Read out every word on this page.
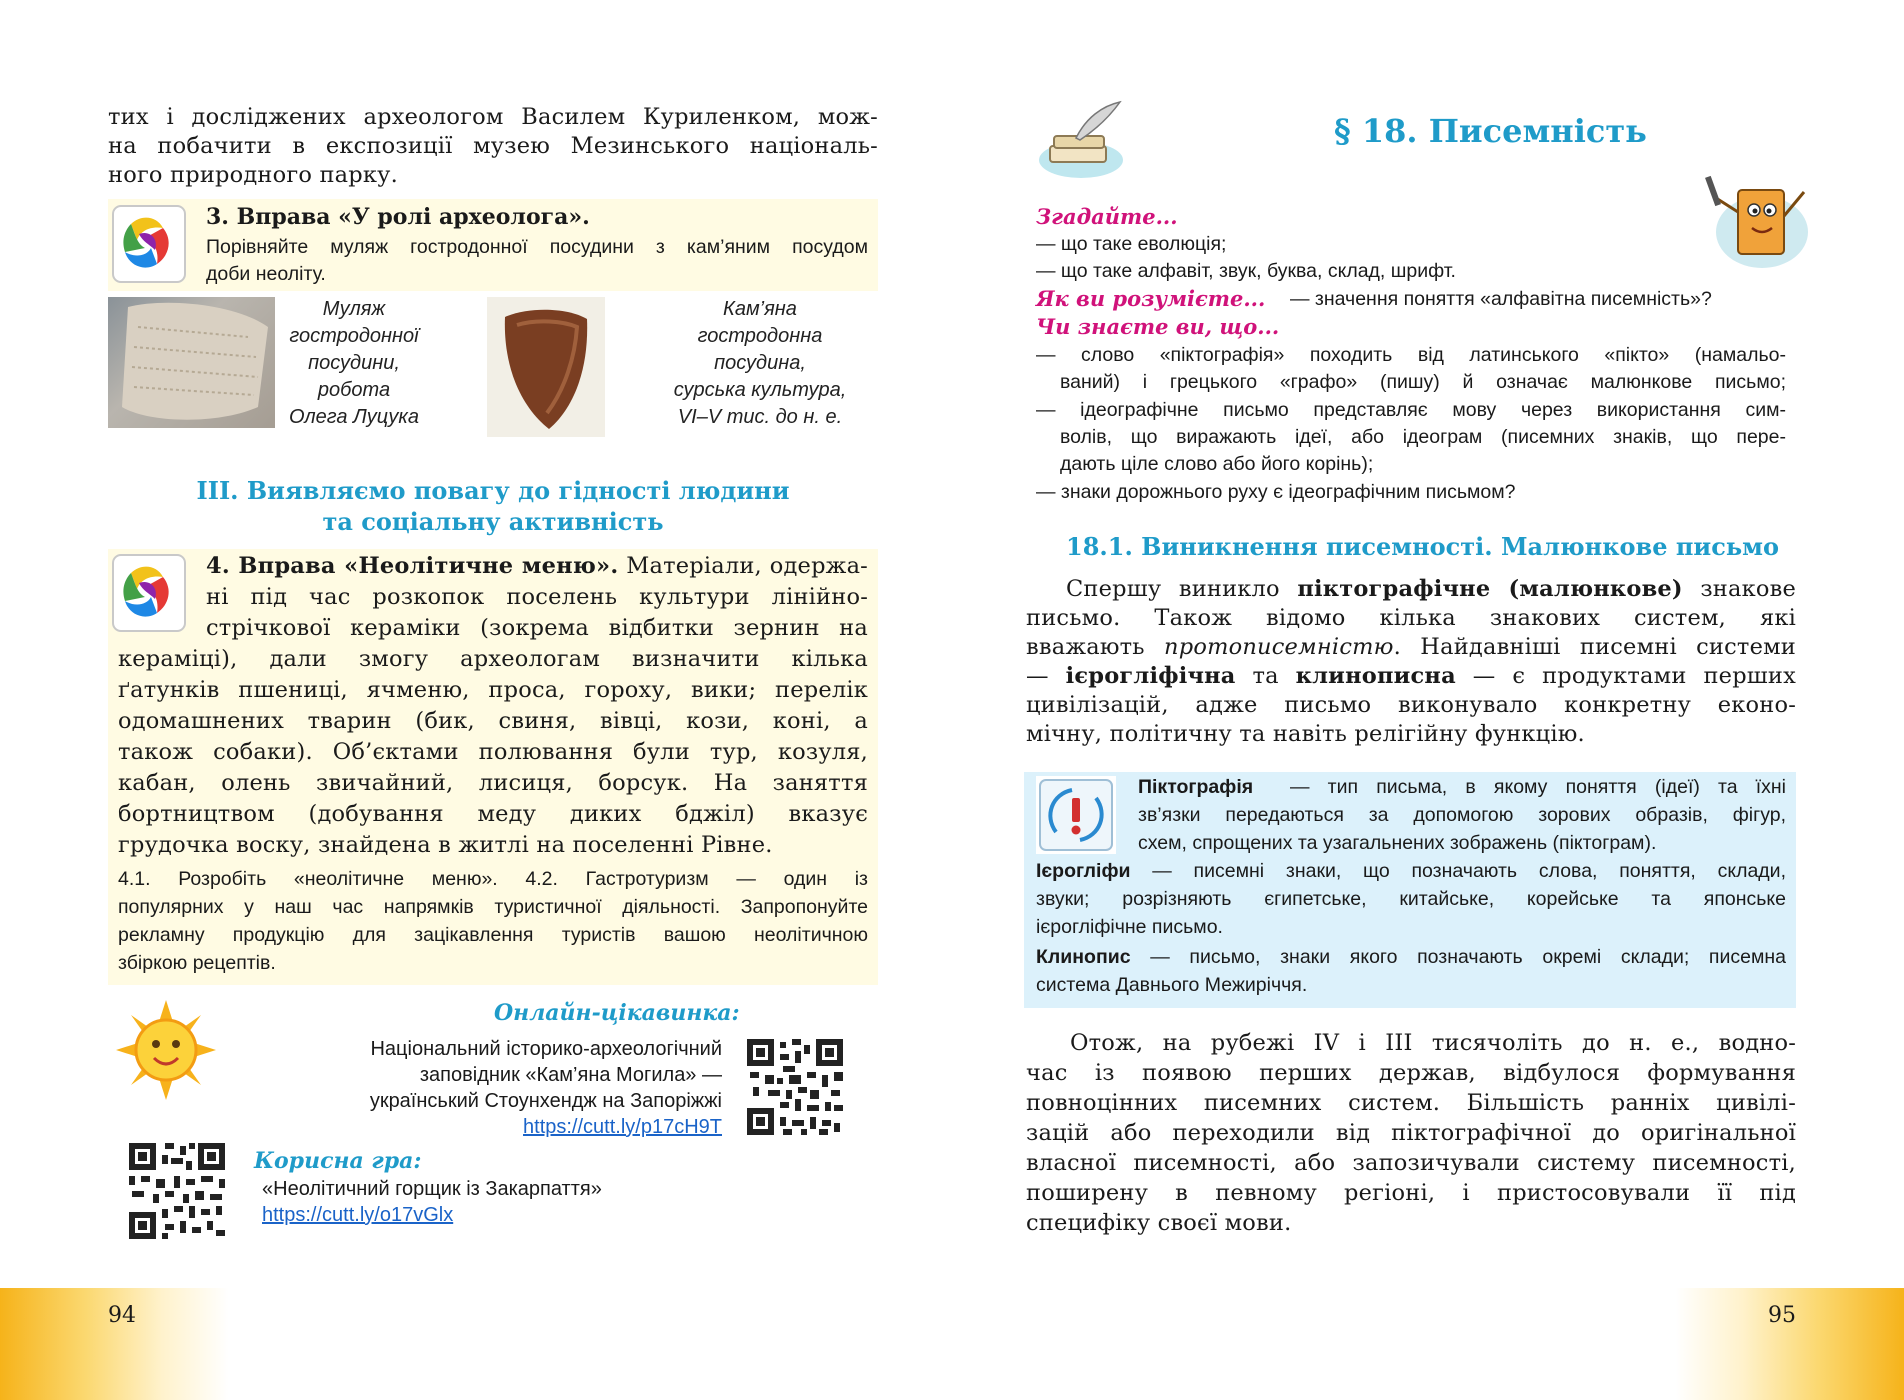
тих і досліджених археологом Василем Куриленком, мож-
на побачити в експозиції музею Мезинського національ-
ного природного парку.
3. Вправа «У ролі археолога».
Порівняйте муляж гостродонної посудини з кам’яним посудом
доби неоліту.
Муляж
гостродонної
посудини,
робота
Олега Луцука
Кам’яна
гостродонна
посудина,
сурська культура,
VI–V тис. до н. е.
III. Виявляємо повагу до гідності людини
та соціальну активність
4. Вправа «Неолітичне меню». Матеріали, одержа-
ні під час розкопок поселень культури лінійно-
стрічкової кераміки (зокрема відбитки зернин на
кераміці), дали змогу археологам визначити кілька
ґатунків пшениці, ячменю, проса, гороху, вики; перелік
одомашнених тварин (бик, свиня, вівці, кози, коні, а
також собаки). Об’єктами полювання були тур, козуля,
кабан, олень звичайний, лисиця, борсук. На заняття
бортництвом (добування меду диких бджіл) вказує
грудочка воску, знайдена в житлі на поселенні Рівне.
4.1. Розробіть «неолітичне меню». 4.2. Гастротуризм — один із
популярних у наш час напрямків туристичної діяльності. Запропонуйте
рекламну продукцію для зацікавлення туристів вашою неолітичною
збіркою рецептів.
Онлайн-цікавинка:
Національний історико-археологічний
заповідник «Кам’яна Могила» —
український Стоунхендж на Запоріжжі
https://cutt.ly/p17cH9T
Корисна гра:
«Неолітичний горщик із Закарпаття»
https://cutt.ly/o17vGlx
94
§ 18. Писемність
Згадайте...
— що таке еволюція;
— що таке алфавіт, звук, буква, склад, шрифт.
Як ви розумієте... — значення поняття «алфавітна писемність»?
Чи знаєте ви, що...
— слово «піктографія» походить від латинського «пікто» (намальо-
ваний) і грецького «графо» (пишу) й означає малюнкове письмо;
— ідеографічне письмо представляє мову через використання сим-
волів, що виражають ідеї, або ідеограм (писемних знаків, що пере-
дають ціле слово або його корінь);
— знаки дорожнього руху є ідеографічним письмом?
18.1. Виникнення писемності. Малюнкове письмо
Спершу виникло піктографічне (малюнкове) знакове
письмо. Також відомо кілька знакових систем, які
вважають протописемністю. Найдавніші писемні системи
— ієрогліфічна та клинописна — є продуктами перших
цивілізацій, адже письмо виконувало конкретну еконо-
мічну, політичну та навіть релігійну функцію.
Піктографія — тип письма, в якому поняття (ідеї) та їхні
зв’язки передаються за допомогою зорових образів, фігур,
схем, спрощених та узагальнених зображень (піктограм).
Ієрогліфи — писемні знаки, що позначають слова, поняття, склади,
звуки; розрізняють єгипетське, китайське, корейське та японське
ієрогліфічне письмо.
Клинопис — письмо, знаки якого позначають окремі склади; писемна
система Давнього Межиріччя.
Отож, на рубежі IV і III тисячоліть до н. е., водно-
час із появою перших держав, відбулося формування
повноцінних писемних систем. Більшість ранніх цивілі-
зацій або переходили від піктографічної до оригінальної
власної писемності, або запозичували систему писемності,
поширену в певному регіоні, і пристосовували її під
специфіку своєї мови.
95
